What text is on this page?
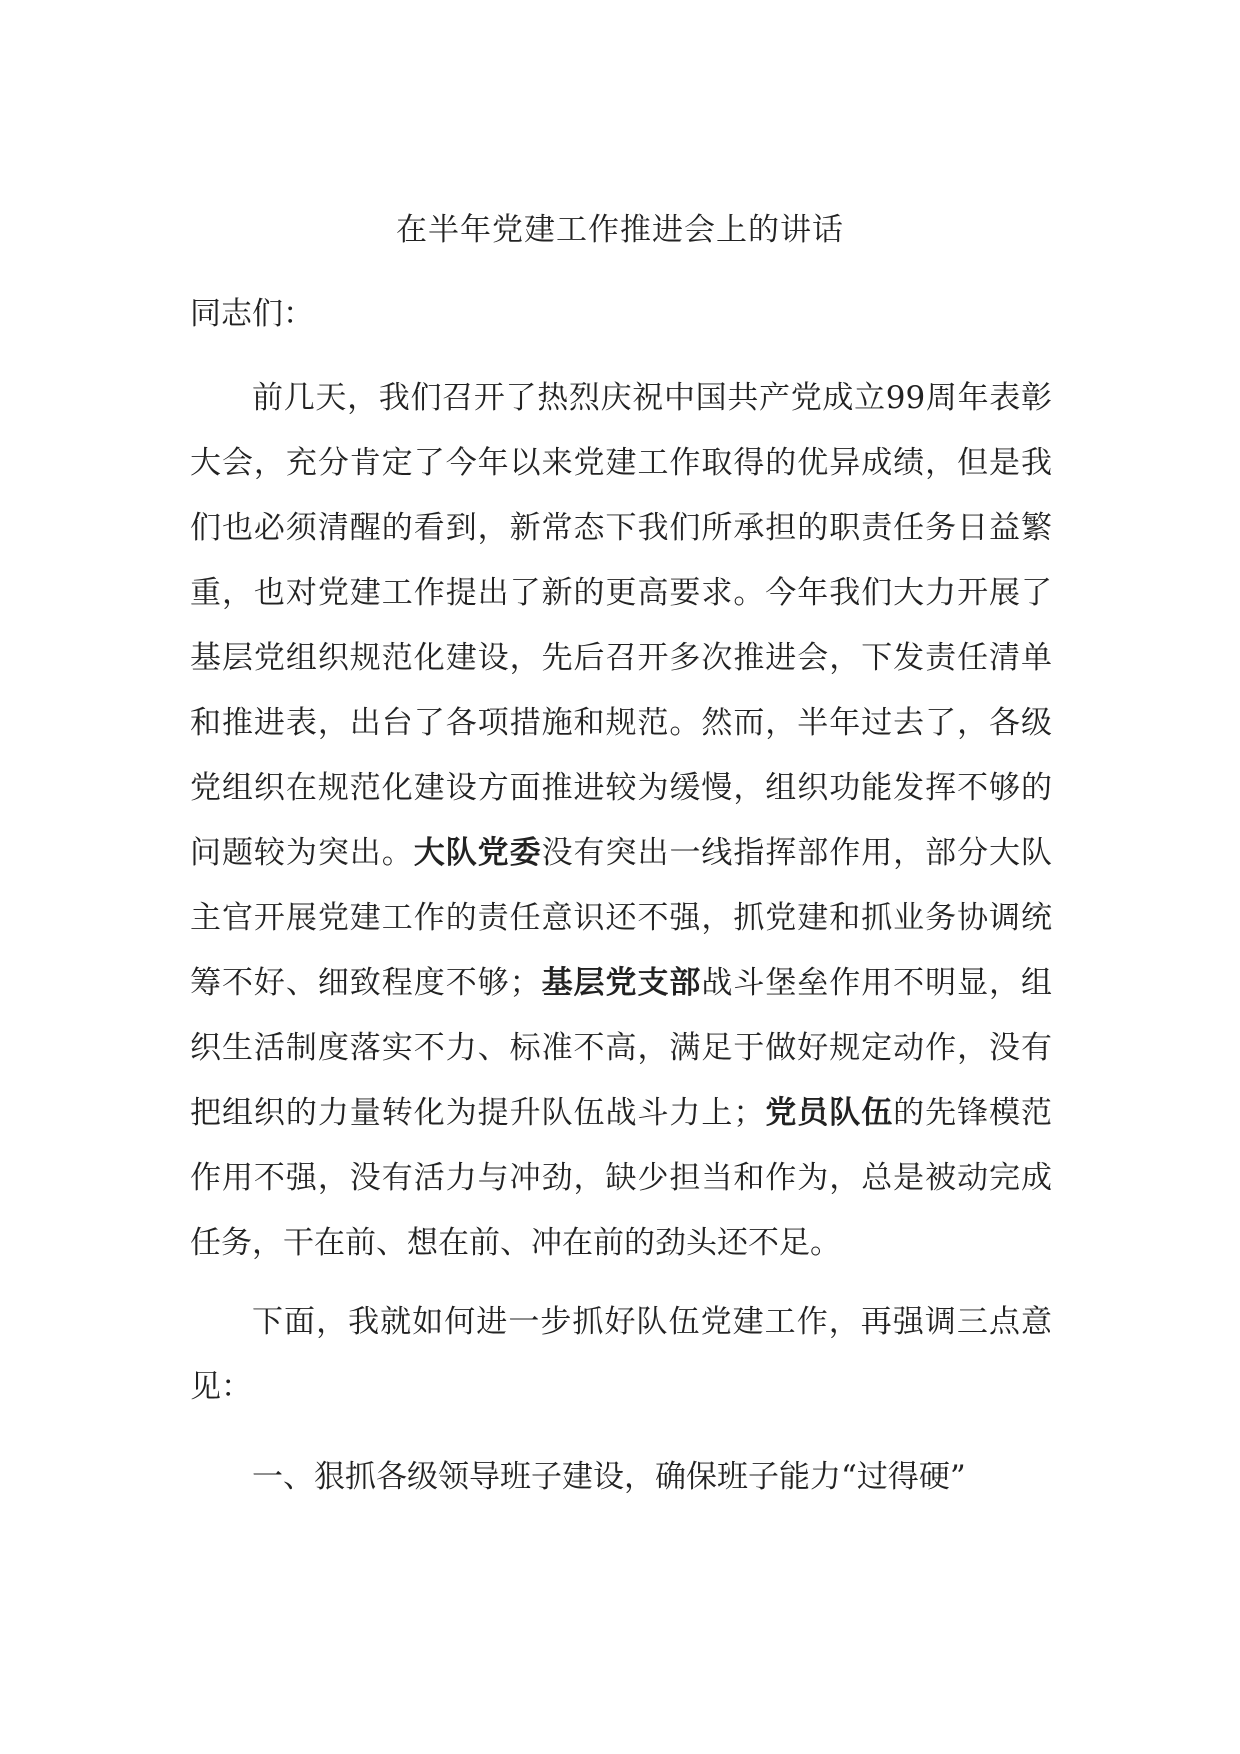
在半年党建工作推进会上的讲话
同志们：

前几天，我们召开了热烈庆祝中国共产党成立99周年表彰大会，充分肯定了今年以来党建工作取得的优异成绩，但是我们也必须清醒的看到，新常态下我们所承担的职责任务日益繁重，也对党建工作提出了新的更高要求。今年我们大力开展了基层党组织规范化建设，先后召开多次推进会，下发责任清单和推进表，出台了各项措施和规范。然而，半年过去了，各级党组织在规范化建设方面推进较为缓慢，组织功能发挥不够的问题较为突出。大队党委没有突出一线指挥部作用，部分大队主官开展党建工作的责任意识还不强，抓党建和抓业务协调统筹不好、细致程度不够；基层党支部战斗堡垒作用不明显，组织生活制度落实不力、标准不高，满足于做好规定动作，没有把组织的力量转化为提升队伍战斗力上；党员队伍的先锋模范作用不强，没有活力与冲劲，缺少担当和作为，总是被动完成任务，干在前、想在前、冲在前的劲头还不足。

下面，我就如何进一步抓好队伍党建工作，再强调三点意见：

一、狠抓各级领导班子建设，确保班子能力“过得硬”
